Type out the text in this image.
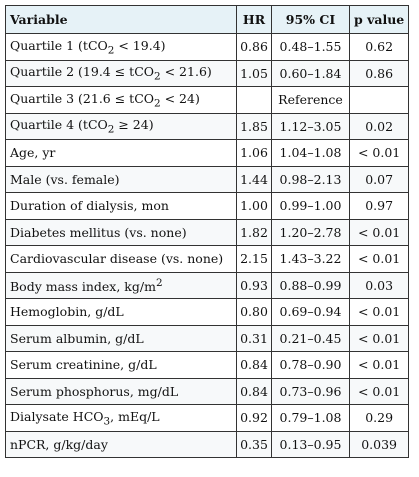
Variable	HR	95% CI	p value
Quartile 1 (tCO$_2$ < 19.4)	0.86	0.48–1.55	0.62
Quartile 2 (19.4 ≤ tCO$_2$ < 21.6)	1.05	0.60–1.84	0.86
Quartile 3 (21.6 ≤ tCO$_2$ < 24)		Reference	
Quartile 4 (tCO$_2$ ≥ 24)	1.85	1.12–3.05	0.02
Age, yr	1.06	1.04–1.08	< 0.01
Male (vs. female)	1.44	0.98–2.13	0.07
Duration of dialysis, mon	1.00	0.99–1.00	0.97
Diabetes mellitus (vs. none)	1.82	1.20–2.78	< 0.01
Cardiovascular disease (vs. none)	2.15	1.43–3.22	< 0.01
Body mass index, $kg/m^2$	0.93	0.88–0.99	0.03
Hemoglobin, g/dL	0.80	0.69–0.94	< 0.01
Serum albumin, g/dL	0.31	0.21–0.45	< 0.01
Serum creatinine, g/dL	0.84	0.78–0.90	< 0.01
Serum phosphorus, mg/dL	0.84	0.73–0.96	< 0.01
Dialysate $HCO_3$, mEq/L	0.92	0.79–1.08	0.29
nPCR, g/kg/day	0.35	0.13–0.95	0.039
